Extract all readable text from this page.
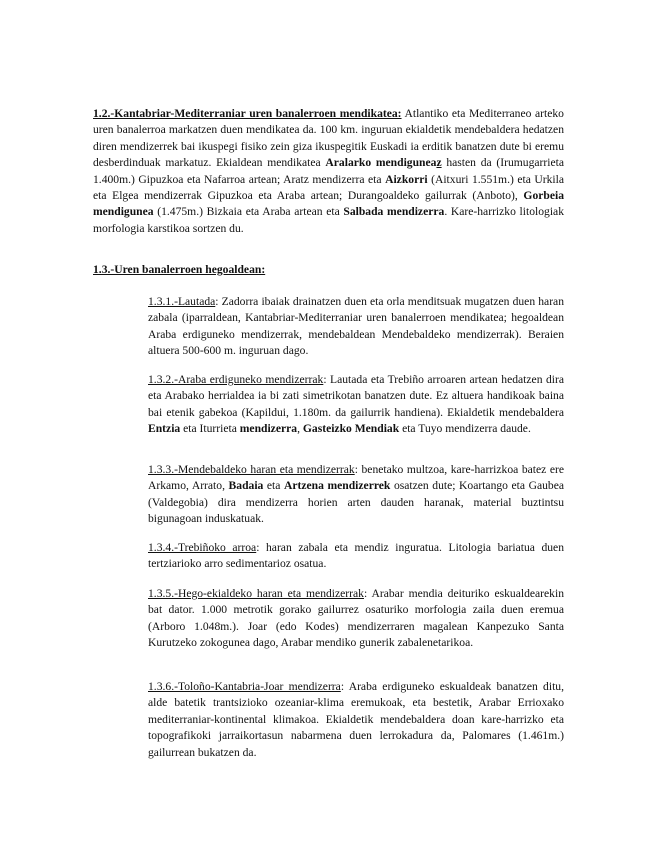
1.2.-Kantabriar-Mediterraniar uren banalerroen mendikatea: Atlantiko eta Mediterraneo arteko uren banalerroa markatzen duen mendikatea da. 100 km. inguruan ekialdetik mendebaldera hedatzen diren mendizerrek bai ikuspegi fisiko zein giza ikuspegitik Euskadi ia erditik banatzen dute bi eremu desberdinduak markatuz. Ekialdean mendikatea Aralarko mendiguneaz hasten da (Irumugarrieta 1.400m.) Gipuzkoa eta Nafarroa artean; Aratz mendizerra eta Aizkorri (Aitxuri 1.551m.) eta Urkila eta Elgea mendizerrak Gipuzkoa eta Araba artean; Durangoaldeko gailurrak (Anboto), Gorbeia mendigunea (1.475m.) Bizkaia eta Araba artean eta Salbada mendizerra. Kare-harrizko litologiak morfologia karstikoa sortzen du.

1.3.-Uren banalerroen hegoaldean:

1.3.1.-Lautada: Zadorra ibaiak drainatzen duen eta orla menditsuak mugatzen duen haran zabala (iparraldean, Kantabriar-Mediterraniar uren banalerroen mendikatea; hegoaldean Araba erdiguneko mendizerrak, mendebaldean Mendebaldeko mendizerrak). Beraien altuera 500-600 m. inguruan dago.

1.3.2.-Araba erdiguneko mendizerrak: Lautada eta Trebiño arroaren artean hedatzen dira eta Arabako herrialdea ia bi zati simetrikotan banatzen dute. Ez altuera handikoak baina bai etenik gabekoa (Kapildui, 1.180m. da gailurrik handiena). Ekialdetik mendebaldera Entzia eta Iturrieta mendizerra, Gasteizko Mendiak eta Tuyo mendizerra daude.

1.3.3.-Mendebaldeko haran eta mendizerrak: benetako multzoa, kare-harrizkoa batez ere Arkamo, Arrato, Badaia eta Artzena mendizerrek osatzen dute; Koartango eta Gaubea (Valdegobia) dira mendizerra horien arten dauden haranak, material buztintsu bigunagoan induskatuak.

1.3.4.-Trebiñoko arroa: haran zabala eta mendiz inguratua. Litologia bariatua duen tertziarioko arro sedimentarioz osatua.

1.3.5.-Hego-ekialdeko haran eta mendizerrak: Arabar mendia deituriko eskualdearekin bat dator. 1.000 metrotik gorako gailurrez osaturiko morfologia zaila duen eremua (Arboro 1.048m.). Joar (edo Kodes) mendizerraren magalean Kanpezuko Santa Kurutzeko zokogunea dago, Arabar mendiko gunerik zabalenetarikoa.

1.3.6.-Toloño-Kantabria-Joar mendizerra: Araba erdiguneko eskualdeak banatzen ditu, alde batetik trantsizioko ozeaniar-klima eremukoak, eta bestetik, Arabar Errioxako mediterraniar-kontinental klimakoa. Ekialdetik mendebaldera doan kare-harrizko eta topografikoki jarraikortasun nabarmena duen lerrokadura da, Palomares (1.461m.) gailurrean bukatzen da.
